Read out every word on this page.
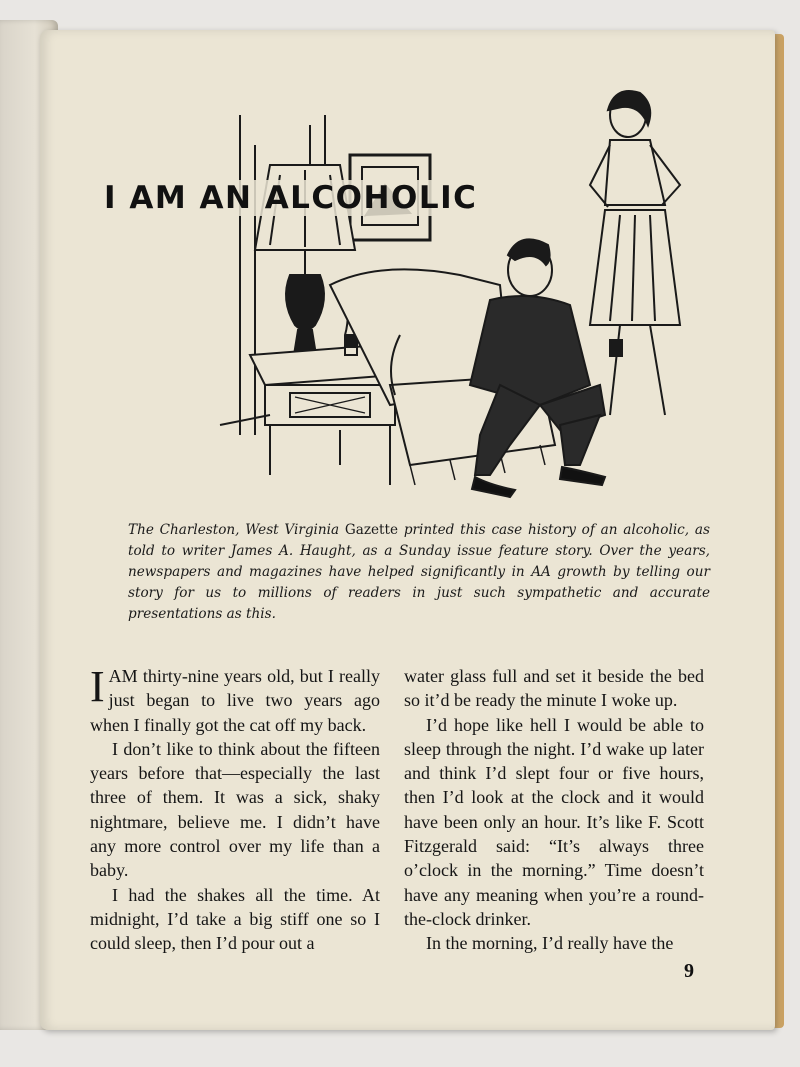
I AM AN ALCOHOLIC
The Charleston, West Virginia Gazette printed this case history of an alcoholic, as told to writer James A. Haught, as a Sunday issue feature story. Over the years, newspapers and magazines have helped significantly in AA growth by telling our story for us to millions of readers in just such sympathetic and accurate presentations as this.

IAM thirty-nine years old, but I really just began to live two years ago when I finally got the cat off my back.

I don’t like to think about the fifteen years before that—especially the last three of them. It was a sick, shaky nightmare, believe me. I didn’t have any more control over my life than a baby.

I had the shakes all the time. At midnight, I’d take a big stiff one so I could sleep, then I’d pour out a

water glass full and set it beside the bed so it’d be ready the minute I woke up.

I’d hope like hell I would be able to sleep through the night. I’d wake up later and think I’d slept four or five hours, then I’d look at the clock and it would have been only an hour. It’s like F. Scott Fitzgerald said: “It’s always three o’clock in the morning.” Time doesn’t have any meaning when you’re a round-the-clock drinker.

In the morning, I’d really have the

9
